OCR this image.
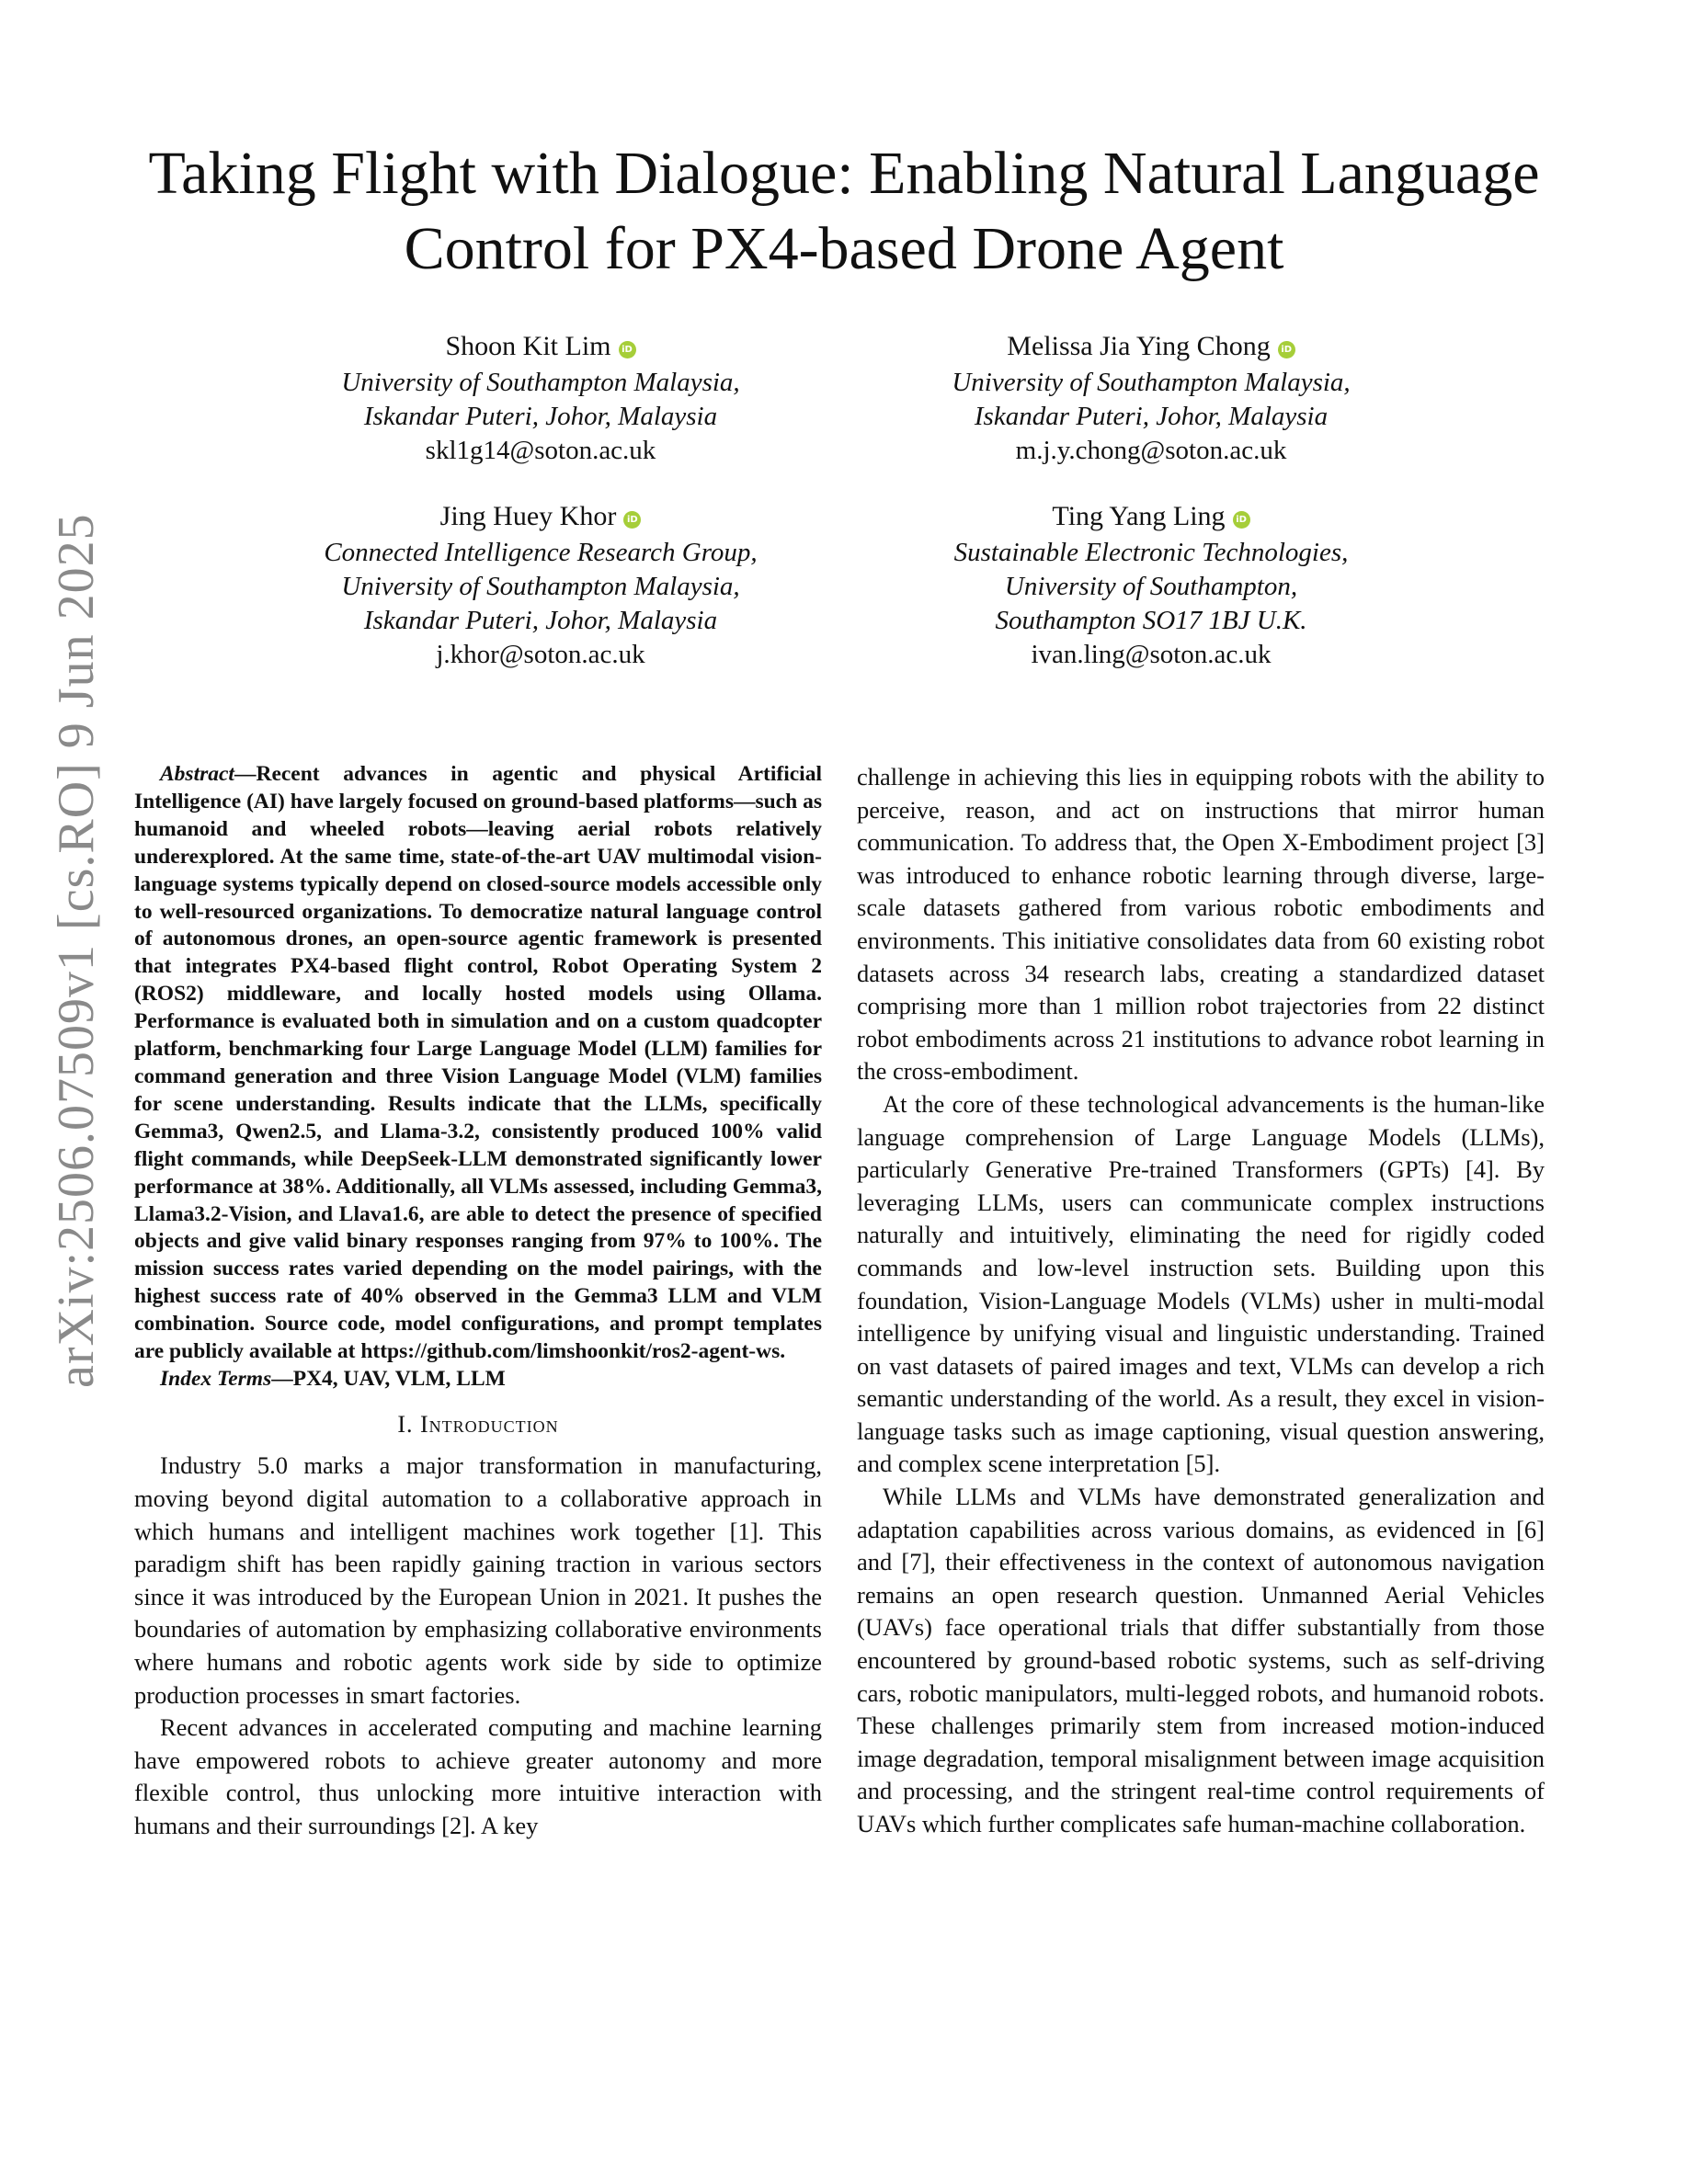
arXiv:2506.07509v1 [cs.RO] 9 Jun 2025
Taking Flight with Dialogue: Enabling Natural Language Control for PX4-based Drone Agent
Shoon Kit Lim iD
University of Southampton Malaysia,
Iskandar Puteri, Johor, Malaysia
skl1g14@soton.ac.uk
Melissa Jia Ying Chong iD
University of Southampton Malaysia,
Iskandar Puteri, Johor, Malaysia
m.j.y.chong@soton.ac.uk
Jing Huey Khor iD
Connected Intelligence Research Group,
University of Southampton Malaysia,
Iskandar Puteri, Johor, Malaysia
j.khor@soton.ac.uk
Ting Yang Ling iD
Sustainable Electronic Technologies,
University of Southampton,
Southampton SO17 1BJ U.K.
ivan.ling@soton.ac.uk

Abstract—Recent advances in agentic and physical Artificial Intelligence (AI) have largely focused on ground-based platforms—such as humanoid and wheeled robots—leaving aerial robots relatively underexplored. At the same time, state-of-the-art UAV multimodal vision-language systems typically depend on closed-source models accessible only to well-resourced organizations. To democratize natural language control of autonomous drones, an open-source agentic framework is presented that integrates PX4-based flight control, Robot Operating System 2 (ROS2) middleware, and locally hosted models using Ollama. Performance is evaluated both in simulation and on a custom quadcopter platform, benchmarking four Large Language Model (LLM) families for command generation and three Vision Language Model (VLM) families for scene understanding. Results indicate that the LLMs, specifically Gemma3, Qwen2.5, and Llama-3.2, consistently produced 100% valid flight commands, while DeepSeek-LLM demonstrated significantly lower performance at 38%. Additionally, all VLMs assessed, including Gemma3, Llama3.2-Vision, and Llava1.6, are able to detect the presence of specified objects and give valid binary responses ranging from 97% to 100%. The mission success rates varied depending on the model pairings, with the highest success rate of 40% observed in the Gemma3 LLM and VLM combination. Source code, model configurations, and prompt templates are publicly available at https://github.com/limshoonkit/ros2-agent-ws.

Index Terms—PX4, UAV, VLM, LLM

I. Introduction

Industry 5.0 marks a major transformation in manufacturing, moving beyond digital automation to a collaborative approach in which humans and intelligent machines work together [1]. This paradigm shift has been rapidly gaining traction in various sectors since it was introduced by the European Union in 2021. It pushes the boundaries of automation by emphasizing collaborative environments where humans and robotic agents work side by side to optimize production processes in smart factories.

Recent advances in accelerated computing and machine learning have empowered robots to achieve greater autonomy and more flexible control, thus unlocking more intuitive interaction with humans and their surroundings [2]. A key

challenge in achieving this lies in equipping robots with the ability to perceive, reason, and act on instructions that mirror human communication. To address that, the Open X-Embodiment project [3] was introduced to enhance robotic learning through diverse, large-scale datasets gathered from various robotic embodiments and environments. This initiative consolidates data from 60 existing robot datasets across 34 research labs, creating a standardized dataset comprising more than 1 million robot trajectories from 22 distinct robot embodiments across 21 institutions to advance robot learning in the cross-embodiment.

At the core of these technological advancements is the human-like language comprehension of Large Language Models (LLMs), particularly Generative Pre-trained Transformers (GPTs) [4]. By leveraging LLMs, users can communicate complex instructions naturally and intuitively, eliminating the need for rigidly coded commands and low-level instruction sets. Building upon this foundation, Vision-Language Models (VLMs) usher in multi-modal intelligence by unifying visual and linguistic understanding. Trained on vast datasets of paired images and text, VLMs can develop a rich semantic understanding of the world. As a result, they excel in vision-language tasks such as image captioning, visual question answering, and complex scene interpretation [5].

While LLMs and VLMs have demonstrated generalization and adaptation capabilities across various domains, as evidenced in [6] and [7], their effectiveness in the context of autonomous navigation remains an open research question. Unmanned Aerial Vehicles (UAVs) face operational trials that differ substantially from those encountered by ground-based robotic systems, such as self-driving cars, robotic manipulators, multi-legged robots, and humanoid robots. These challenges primarily stem from increased motion-induced image degradation, temporal misalignment between image acquisition and processing, and the stringent real-time control requirements of UAVs which further complicates safe human-machine collaboration.
